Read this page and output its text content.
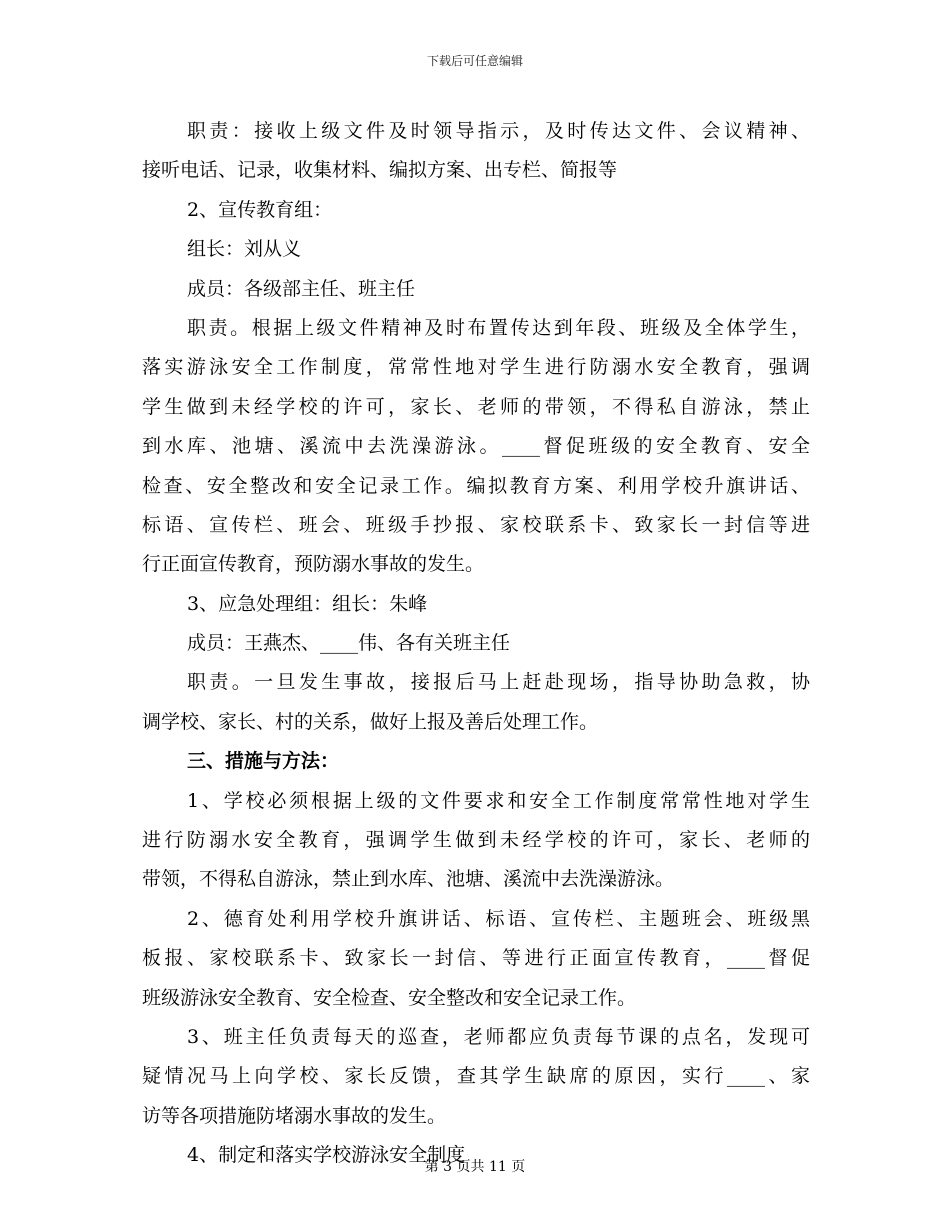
下载后可任意编辑
职责：接收上级文件及时领导指示，及时传达文件、会议精神、
接听电话、记录，收集材料、编拟方案、出专栏、简报等
2、宣传教育组：
组长：刘从义
成员：各级部主任、班主任
职责。根据上级文件精神及时布置传达到年段、班级及全体学生，
落实游泳安全工作制度，常常性地对学生进行防溺水安全教育，强调
学生做到未经学校的许可，家长、老师的带领，不得私自游泳，禁止
到水库、池塘、溪流中去洗澡游泳。____督促班级的安全教育、安全
检查、安全整改和安全记录工作。编拟教育方案、利用学校升旗讲话、
标语、宣传栏、班会、班级手抄报、家校联系卡、致家长一封信等进
行正面宣传教育，预防溺水事故的发生。
3、应急处理组：组长：朱峰
成员：王燕杰、____伟、各有关班主任
职责。一旦发生事故，接报后马上赶赴现场，指导协助急救，协
调学校、家长、村的关系，做好上报及善后处理工作。
三、措施与方法：
1、学校必须根据上级的文件要求和安全工作制度常常性地对学生
进行防溺水安全教育，强调学生做到未经学校的许可，家长、老师的
带领，不得私自游泳，禁止到水库、池塘、溪流中去洗澡游泳。
2、德育处利用学校升旗讲话、标语、宣传栏、主题班会、班级黑
板报、家校联系卡、致家长一封信、等进行正面宣传教育，____督促
班级游泳安全教育、安全检查、安全整改和安全记录工作。
3、班主任负责每天的巡查，老师都应负责每节课的点名，发现可
疑情况马上向学校、家长反馈，查其学生缺席的原因，实行____、家
访等各项措施防堵溺水事故的发生。
4、制定和落实学校游泳安全制度
第 3 页共 11 页
